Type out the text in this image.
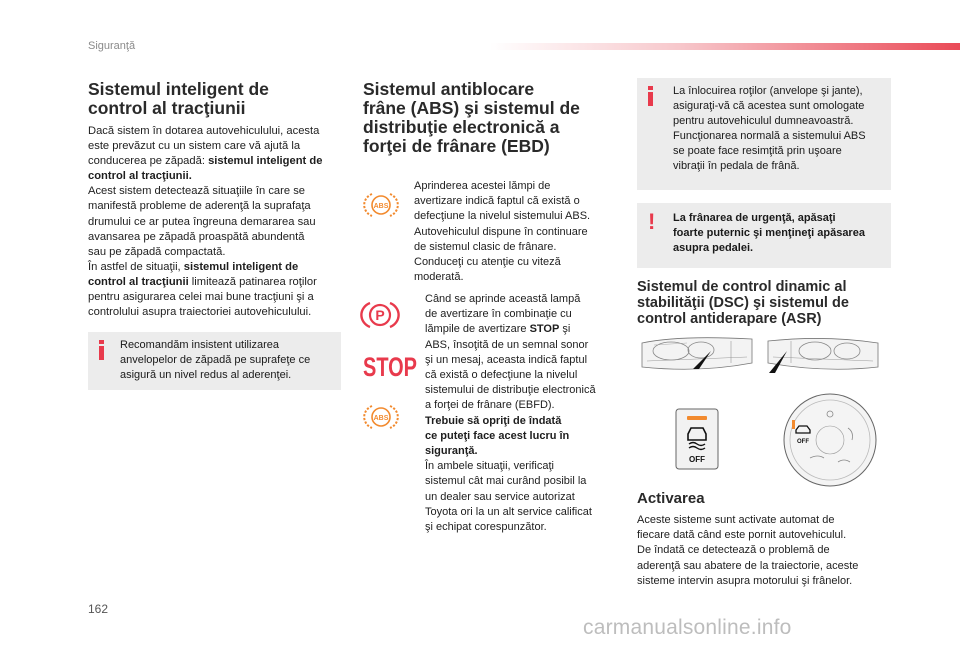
Siguranţă
Sistemul inteligent de
control al tracţiunii
Dacă sistem în dotarea autovehiculului, acesta
este prevăzut cu un sistem care vă ajută la
conducerea pe zăpadă: sistemul inteligent de
control al tracţiunii.
Acest sistem detectează situaţiile în care se
manifestă probleme de aderenţă la suprafaţa
drumului ce ar putea îngreuna demararea sau
avansarea pe zăpadă proaspătă abundentă
sau pe zăpadă compactată.
În astfel de situaţii, sistemul inteligent de
control al tracţiunii limitează patinarea roţilor
pentru asigurarea celei mai bune tracţiuni şi a
controlului asupra traiectoriei autovehiculului.
Recomandăm insistent utilizarea
anvelopelor de zăpadă pe suprafeţe ce
asigură un nivel redus al aderenţei.
Sistemul antiblocare
frâne (ABS) şi sistemul de
distribuţie electronică a
forţei de frânare (EBD)
ABS
Aprinderea acestei lămpi de
avertizare indică faptul că există o
defecţiune la nivelul sistemului ABS.
Autovehiculul dispune în continuare
de sistemul clasic de frânare.
Conduceţi cu atenţie cu viteză
moderată.
P
STOP
ABS
Când se aprinde această lampă
de avertizare în combinaţie cu
lămpile de avertizare STOP şi
ABS, însoţită de un semnal sonor
şi un mesaj, aceasta indică faptul
că există o defecţiune la nivelul
sistemului de distribuţie electronică
a forţei de frânare (EBFD).
Trebuie să opriţi de îndată
ce puteţi face acest lucru în
siguranţă.
În ambele situaţii, verificaţi
sistemul cât mai curând posibil la
un dealer sau service autorizat
Toyota ori la un alt service calificat
şi echipat corespunzător.
La înlocuirea roţilor (anvelope şi jante),
asiguraţi-vă că acestea sunt omologate
pentru autovehiculul dumneavoastră.
Funcţionarea normală a sistemului ABS
se poate face resimţită prin uşoare
vibraţii în pedala de frână.
! La frânarea de urgenţă, apăsaţi
foarte puternic şi menţineţi apăsarea
asupra pedalei.
Sistemul de control dinamic al
stabilităţii (DSC) şi sistemul de
control antiderapare (ASR)
OFF
OFF
Activarea
Aceste sisteme sunt activate automat de
fiecare dată când este pornit autovehiculul.
De îndată ce detectează o problemă de
aderenţă sau abatere de la traiectorie, aceste
sisteme intervin asupra motorului şi frânelor.
162
carmanualsonline.info
